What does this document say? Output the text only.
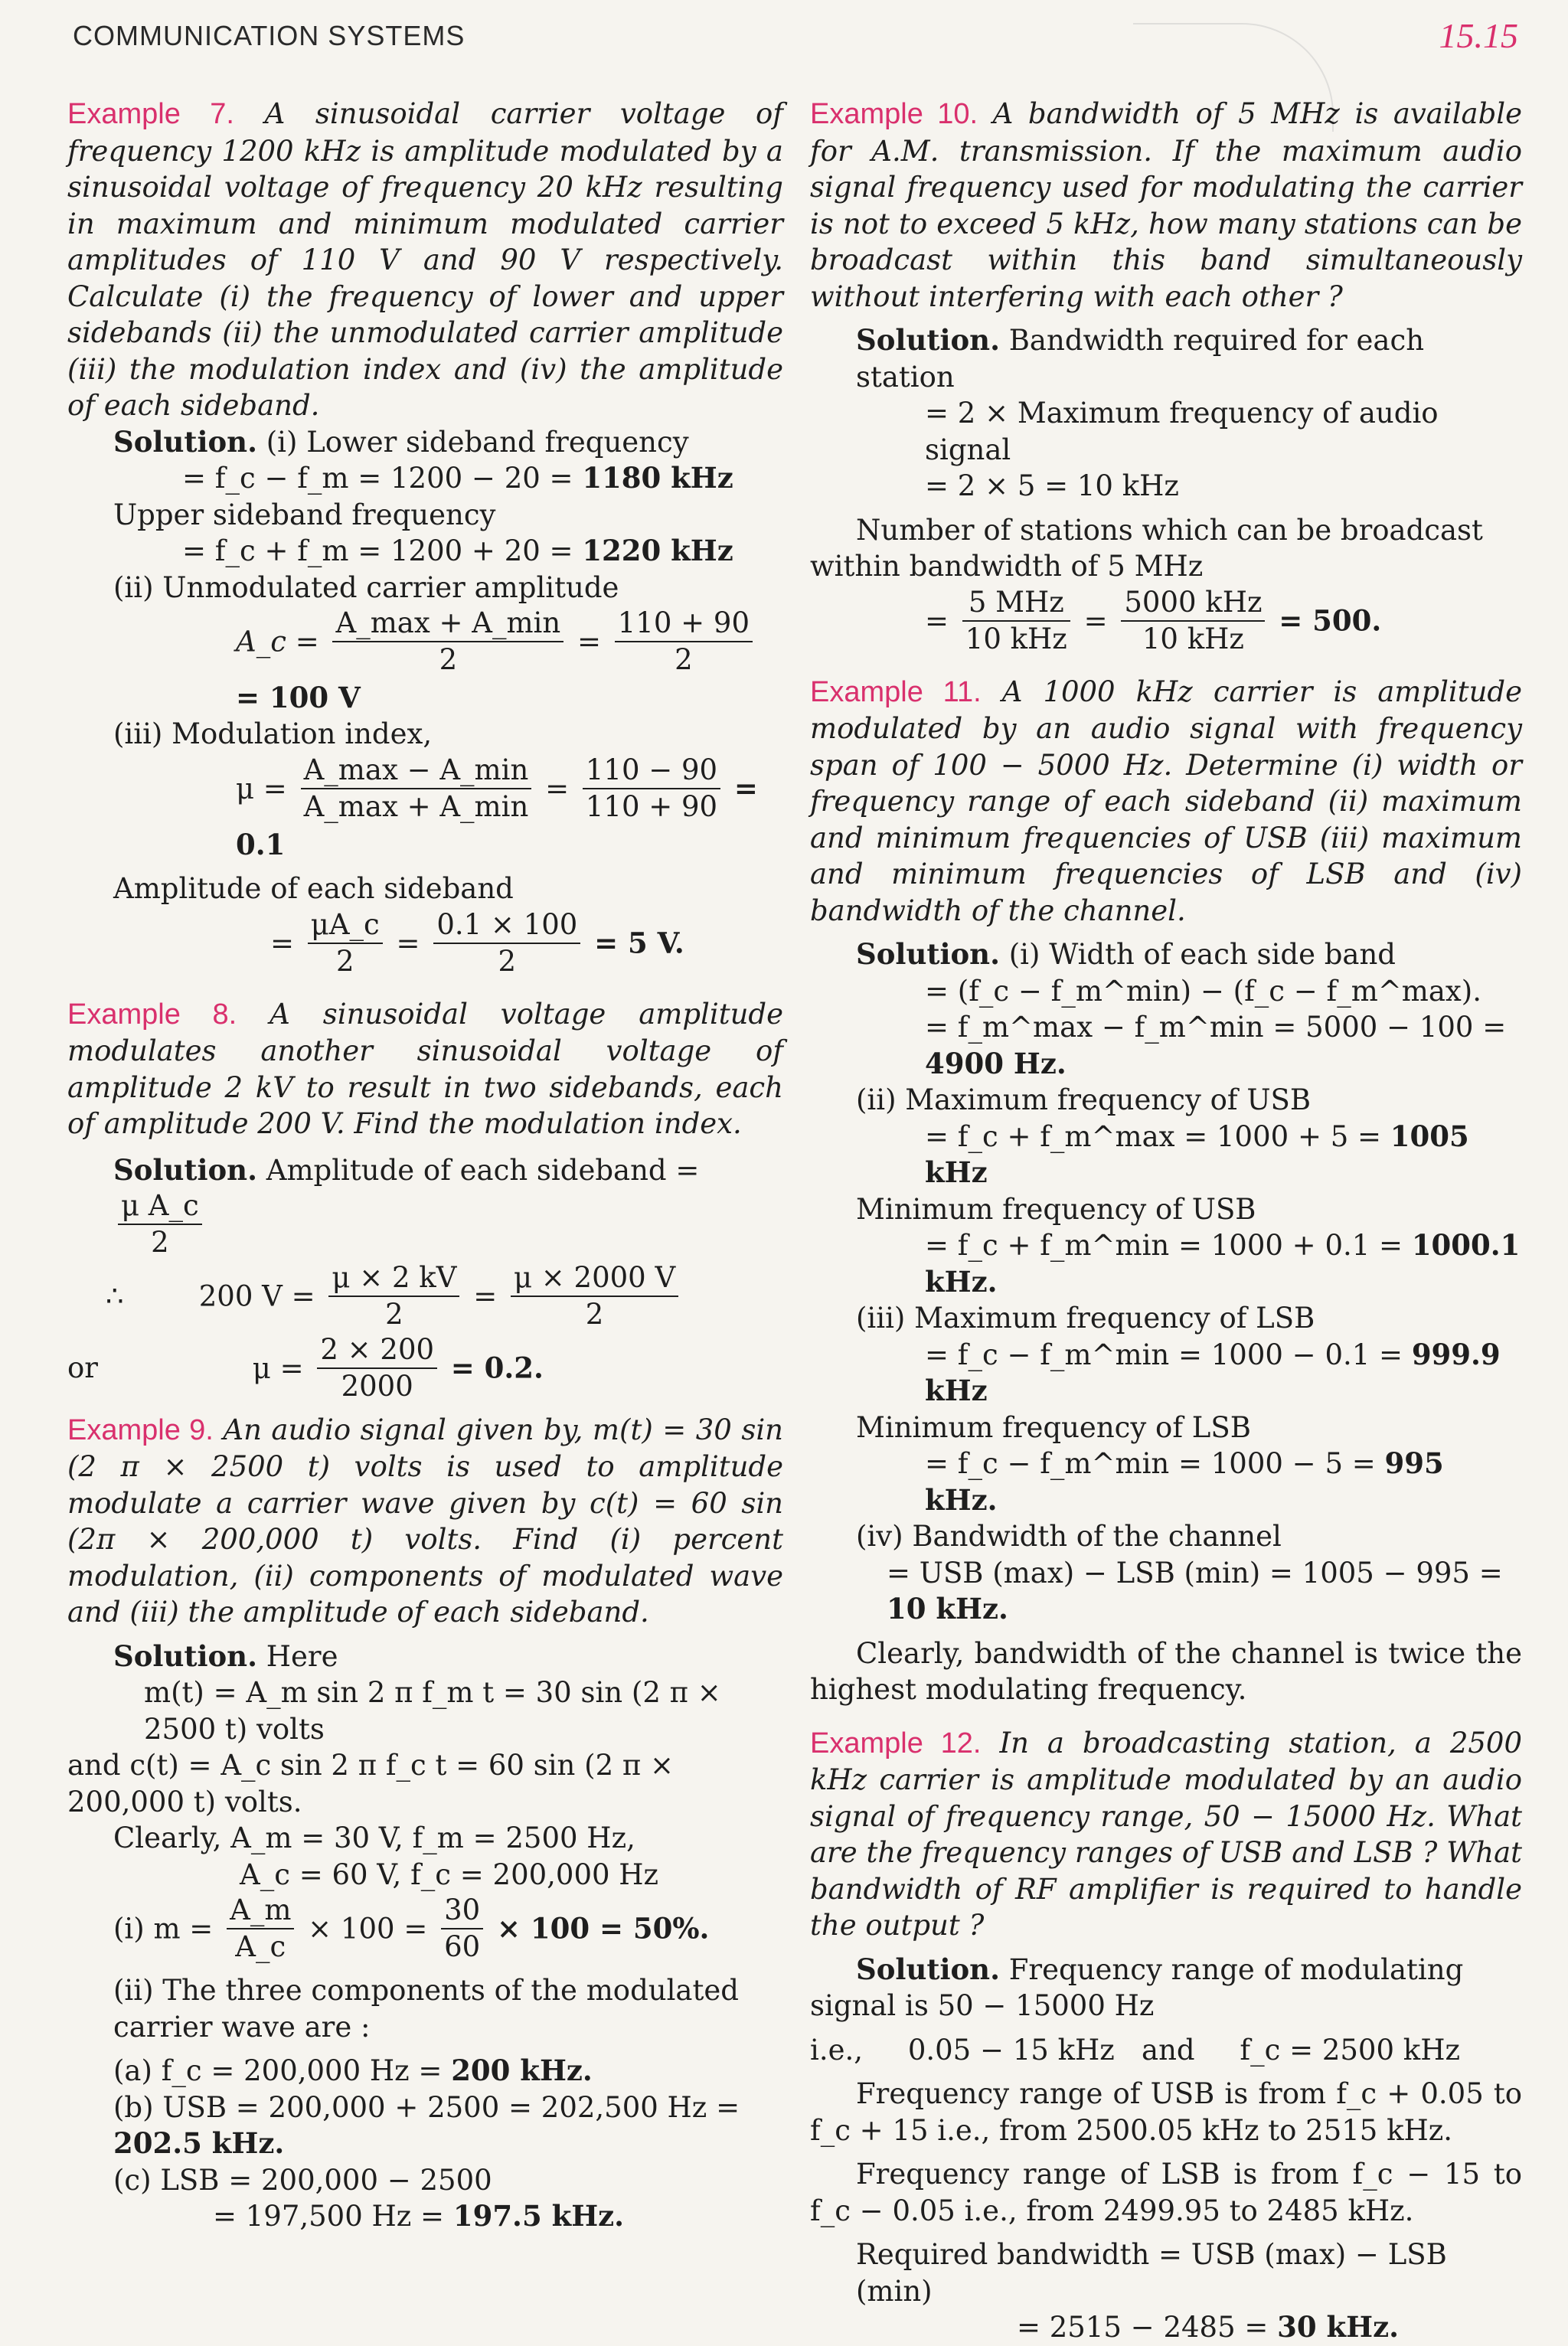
COMMUNICATION SYSTEMS	15.15

Example 7. A sinusoidal carrier voltage of frequency 1200 kHz is amplitude modulated by a sinusoidal voltage of frequency 20 kHz resulting in maximum and minimum modulated carrier amplitudes of 110 V and 90 V respectively. Calculate (i) the frequency of lower and upper sidebands (ii) the unmodulated carrier amplitude (iii) the modulation index and (iv) the amplitude of each sideband.

Solution. (i) Lower sideband frequency

= f_c − f_m = 1200 − 20 = 1180 kHz

Upper sideband frequency

= f_c + f_m = 1200 + 20 = 1220 kHz

(ii) Unmodulated carrier amplitude

A_c = $\frac{A\_\max + A\_\min}{2} = \frac{110 + 90}{2}$
= 100 V

(iii) Modulation index,

$\mu = \frac{A\_\max - A\_\min}{A\_\max + A\_\min} = \frac{110 - 90}{110 + 90} = 0.1$

Amplitude of each sideband

= $\frac{\mu A\_c}{2} = \frac{0.1 \times 100}{2} = 5$ V.

Example 8. A sinusoidal voltage amplitude modulates another sinusoidal voltage of amplitude 2 kV to result in two sidebands, each of amplitude 200 V. Find the modulation index.

Solution. Amplitude of each sideband =
$\frac{\text{μ A\_c}}{2}$
∴	200 $V = \frac{\mu \times 2 kV}{2} = \frac{\mu \times 2000 V}{2}$
or	$\mu = \frac{2 \times 200}{2000} = 0.2$.

Example 9. An audio signal given by, m(t) = 30 sin (2 π × 2500 t) volts is used to amplitude modulate a carrier wave given by c(t) = 60 sin (2π × 200,000 t) volts. Find (i) percent modulation, (ii) components of modulated wave and (iii) the amplitude of each sideband.

Solution. Here

m(t) = A_m sin 2 π f_m t = 30 sin (2 π × 2500 t) volts

and c(t) = A_c sin 2 π f_c t = 60 sin (2 π × 200,000 t) volts.

Clearly, A_m = 30 V, f_m = 2500 Hz,

A_c = 60 V, f_c = 200,000 Hz

(i) $m = \frac{A\_m}{A\_c} \times 100 = \frac{30}{60} \times 100 = 50\%$.

(ii) The three components of the modulated carrier wave are :

(a) f_c = 200,000 Hz = 200 kHz.

(b) USB = 200,000 + 2500 = 202,500 Hz = 202.5 kHz.

(c) LSB = 200,000 − 2500

= 197,500 Hz = 197.5 kHz.

Example 10. A bandwidth of 5 MHz is available for A.M. transmission. If the maximum audio signal frequency used for modulating the carrier is not to exceed 5 kHz, how many stations can be broadcast within this band simultaneously without interfering with each other ?

Solution. Bandwidth required for each station

= 2 × Maximum frequency of audio signal

= 2 × 5 = 10 kHz

Number of stations which can be broadcast within bandwidth of 5 MHz

= $\frac{\text{5 MHz}}{\text{10 kHz}} = \frac{\text{5000 kHz}}{\text{10 kHz}} = 500$.

Example 11. A 1000 kHz carrier is amplitude modulated by an audio signal with frequency span of 100 − 5000 Hz. Determine (i) width or frequency range of each sideband (ii) maximum and minimum frequencies of USB (iii) maximum and minimum frequencies of LSB and (iv) bandwidth of the channel.

Solution. (i) Width of each side band

= (f_c − f_m^min) − (f_c − f_m^max).

= f_m^max − f_m^min = 5000 − 100 = 4900 Hz.

(ii) Maximum frequency of USB

= f_c + f_m^max = 1000 + 5 = 1005 kHz

Minimum frequency of USB

= f_c + f_m^min = 1000 + 0.1 = 1000.1 kHz.

(iii) Maximum frequency of LSB

= f_c − f_m^min = 1000 − 0.1 = 999.9 kHz

Minimum frequency of LSB

= f_c − f_m^min = 1000 − 5 = 995 kHz.

(iv) Bandwidth of the channel

= USB (max) − LSB (min) = 1005 − 995 = 10 kHz.

Clearly, bandwidth of the channel is twice the highest modulating frequency.

Example 12. In a broadcasting station, a 2500 kHz carrier is amplitude modulated by an audio signal of frequency range, 50 − 15000 Hz. What are the frequency ranges of USB and LSB ? What bandwidth of RF amplifier is required to handle the output ?

Solution. Frequency range of modulating signal is 50 − 15000 Hz

i.e.,     0.05 − 15 kHz   and     f_c = 2500 kHz

Frequency range of USB is from f_c + 0.05 to f_c + 15 i.e., from 2500.05 kHz to 2515 kHz.

Frequency range of LSB is from f_c − 15 to f_c − 0.05 i.e., from 2499.95 to 2485 kHz.

Required bandwidth = USB (max) − LSB (min)

= 2515 − 2485 = 30 kHz.
